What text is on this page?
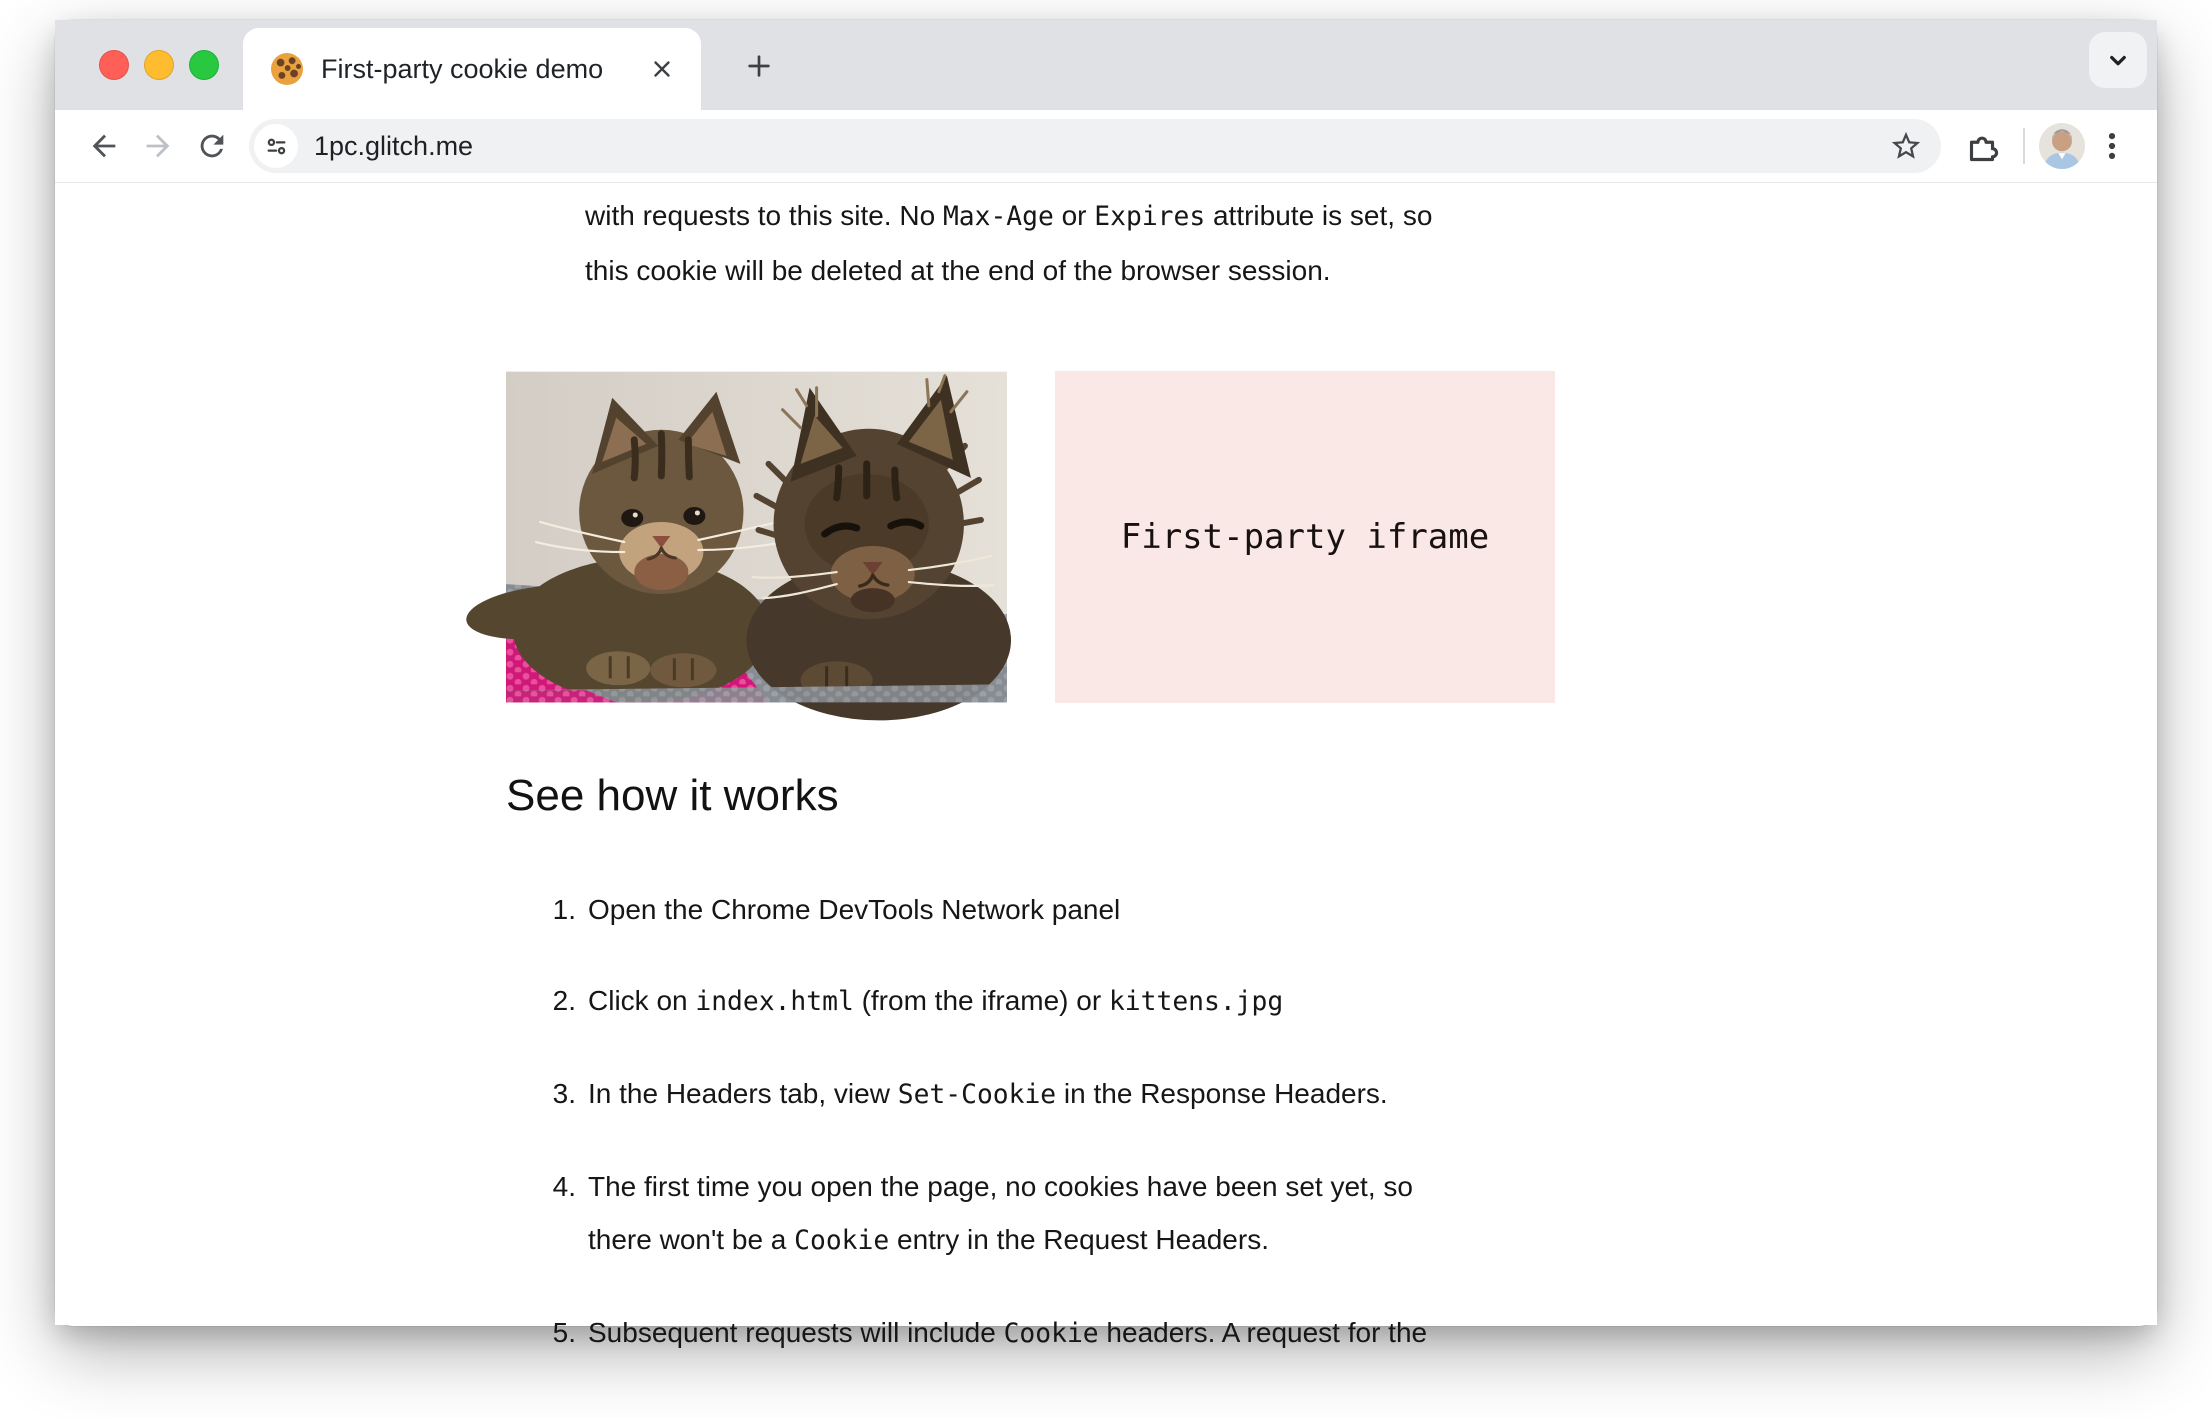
First-party cookie demo
1pc.glitch.me

with requests to this site. No Max-Age or Expires attribute is set, so
this cookie will be deleted at the end of the browser session.

First-party iframe
See how it works
1. Open the Chrome DevTools Network panel
2. Click on index.html (from the iframe) or kittens.jpg
3. In the Headers tab, view Set-Cookie in the Response Headers.
4. The first time you open the page, no cookies have been set yet, so
there won't be a Cookie entry in the Request Headers.
5. Subsequent requests will include Cookie headers. A request for the
